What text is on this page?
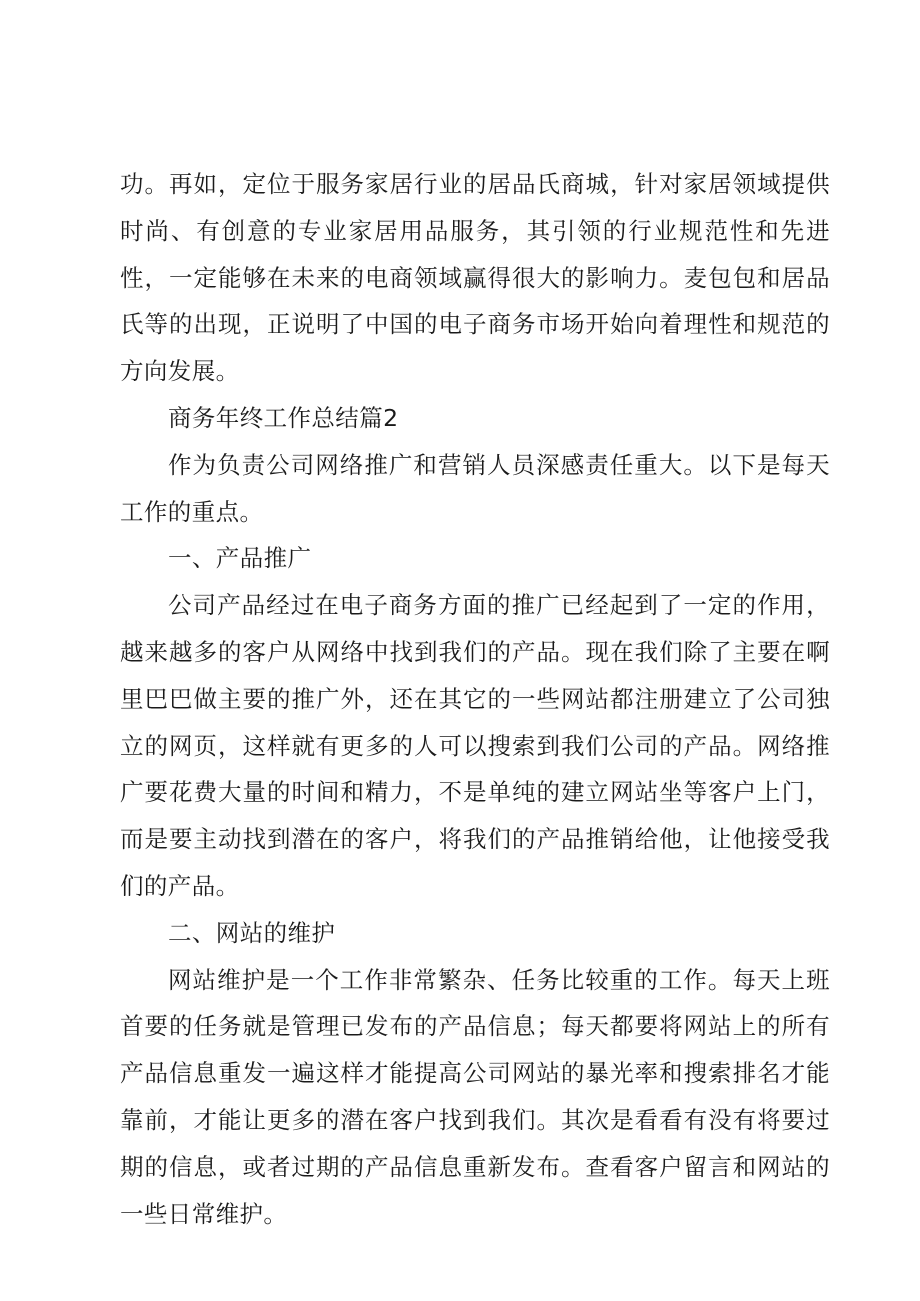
功。再如，定位于服务家居行业的居品氏商城，针对家居领域提供时尚、有创意的专业家居用品服务，其引领的行业规范性和先进性，一定能够在未来的电商领域赢得很大的影响力。麦包包和居品氏等的出现，正说明了中国的电子商务市场开始向着理性和规范的方向发展。

商务年终工作总结篇2

作为负责公司网络推广和营销人员深感责任重大。以下是每天工作的重点。

一、产品推广

公司产品经过在电子商务方面的推广已经起到了一定的作用，越来越多的客户从网络中找到我们的产品。现在我们除了主要在啊里巴巴做主要的推广外，还在其它的一些网站都注册建立了公司独立的网页，这样就有更多的人可以搜索到我们公司的产品。网络推广要花费大量的时间和精力，不是单纯的建立网站坐等客户上门，而是要主动找到潜在的客户，将我们的产品推销给他，让他接受我们的产品。

二、网站的维护

网站维护是一个工作非常繁杂、任务比较重的工作。每天上班首要的任务就是管理已发布的产品信息；每天都要将网站上的所有产品信息重发一遍这样才能提高公司网站的暴光率和搜索排名才能靠前，才能让更多的潜在客户找到我们。其次是看看有没有将要过期的信息，或者过期的产品信息重新发布。查看客户留言和网站的一些日常维护。
